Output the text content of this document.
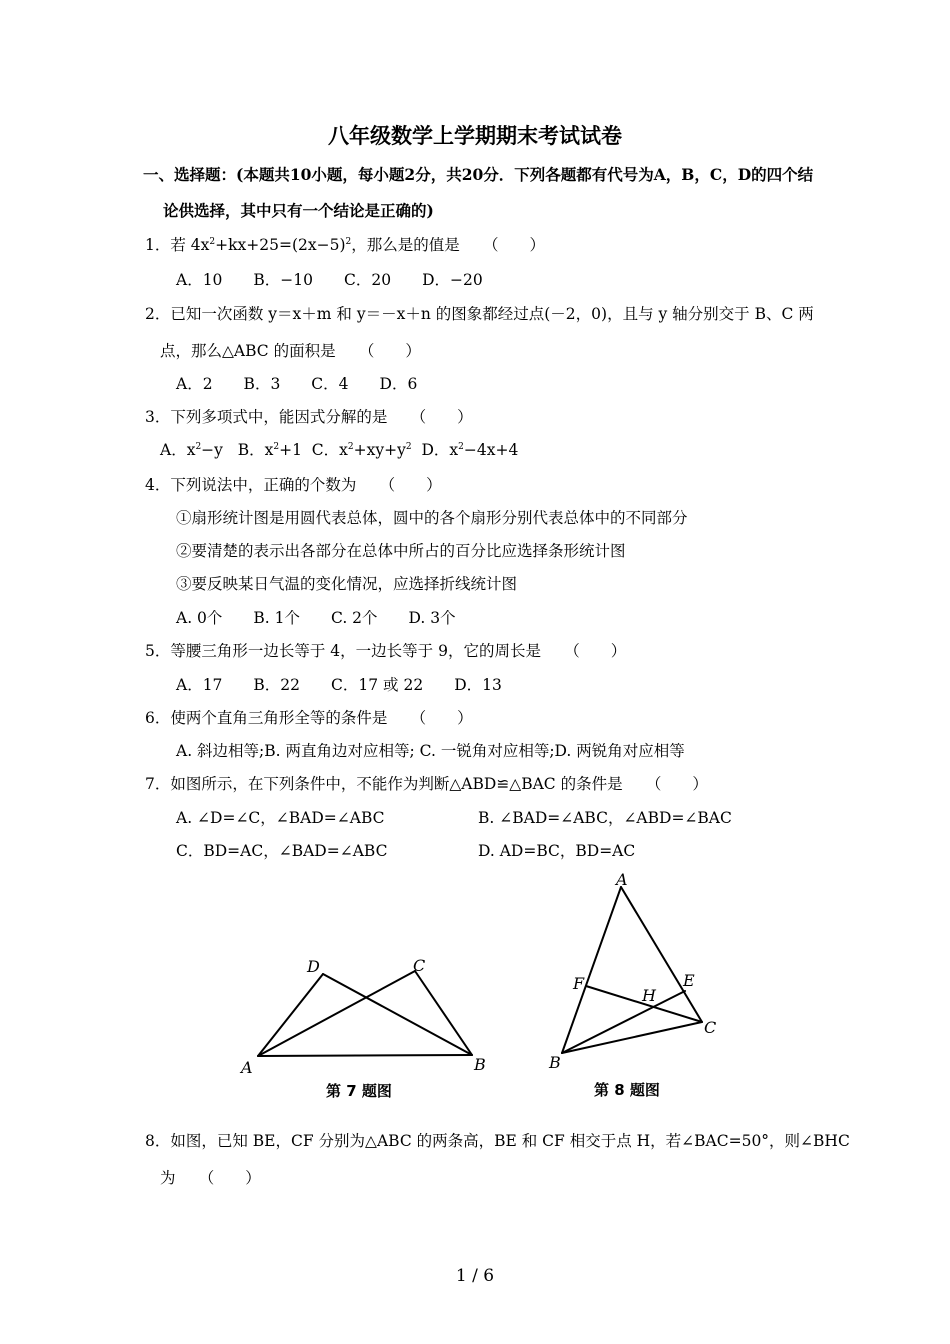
八年级数学上学期期末考试试卷
一、选择题：(本题共10小题，每小题2分，共20分．下列各题都有代号为A，B，C，D的四个结
论供选择，其中只有一个结论是正确的)
1．若 $4x^2+kx+25=(2x-5)^2$，那么是的值是　　（　　）
A．10　　B．−10　　C．20　　D．−20
2．已知一次函数 y＝x＋m 和 y＝－x＋n 的图象都经过点(－2，0)，且与 y 轴分别交于 B、C 两
点，那么△ABC 的面积是　　（　　）
A．2　　B．3　　C．4　　D．6
3．下列多项式中，能因式分解的是　　（　　）
A．$x^2-y$ B．$x^2+1$ C．$x^2+xy+y^2$ D．$x^2-4x+4$
4．下列说法中，正确的个数为　　（　　）
①扇形统计图是用圆代表总体，圆中的各个扇形分别代表总体中的不同部分
②要清楚的表示出各部分在总体中所占的百分比应选择条形统计图
③要反映某日气温的变化情况，应选择折线统计图
A. 0个　　B. 1个　　C. 2个　　D. 3个
5．等腰三角形一边长等于 4，一边长等于 9，它的周长是　　（　　）
A．17　　B．22　　C．17 或 22　　D．13
6．使两个直角三角形全等的条件是　　（　　）
A. 斜边相等;B. 两直角边对应相等; C. 一锐角对应相等;D. 两锐角对应相等
7．如图所示，在下列条件中，不能作为判断△ABD≌△BAC 的条件是　　（　　）
A. ∠D=∠C，∠BAD=∠ABC	B. ∠BAD=∠ABC，∠ABD=∠BAC
C．BD=AC，∠BAD=∠ABC	D. AD=BC，BD=AC
D	C
A	B
第 7 题图
A
F	E
H
C
B
第 8 题图
8．如图，已知 BE，CF 分别为△ABC 的两条高，BE 和 CF 相交于点 H，若∠BAC=50°，则∠BHC
为　　（　　）
1 / 6
